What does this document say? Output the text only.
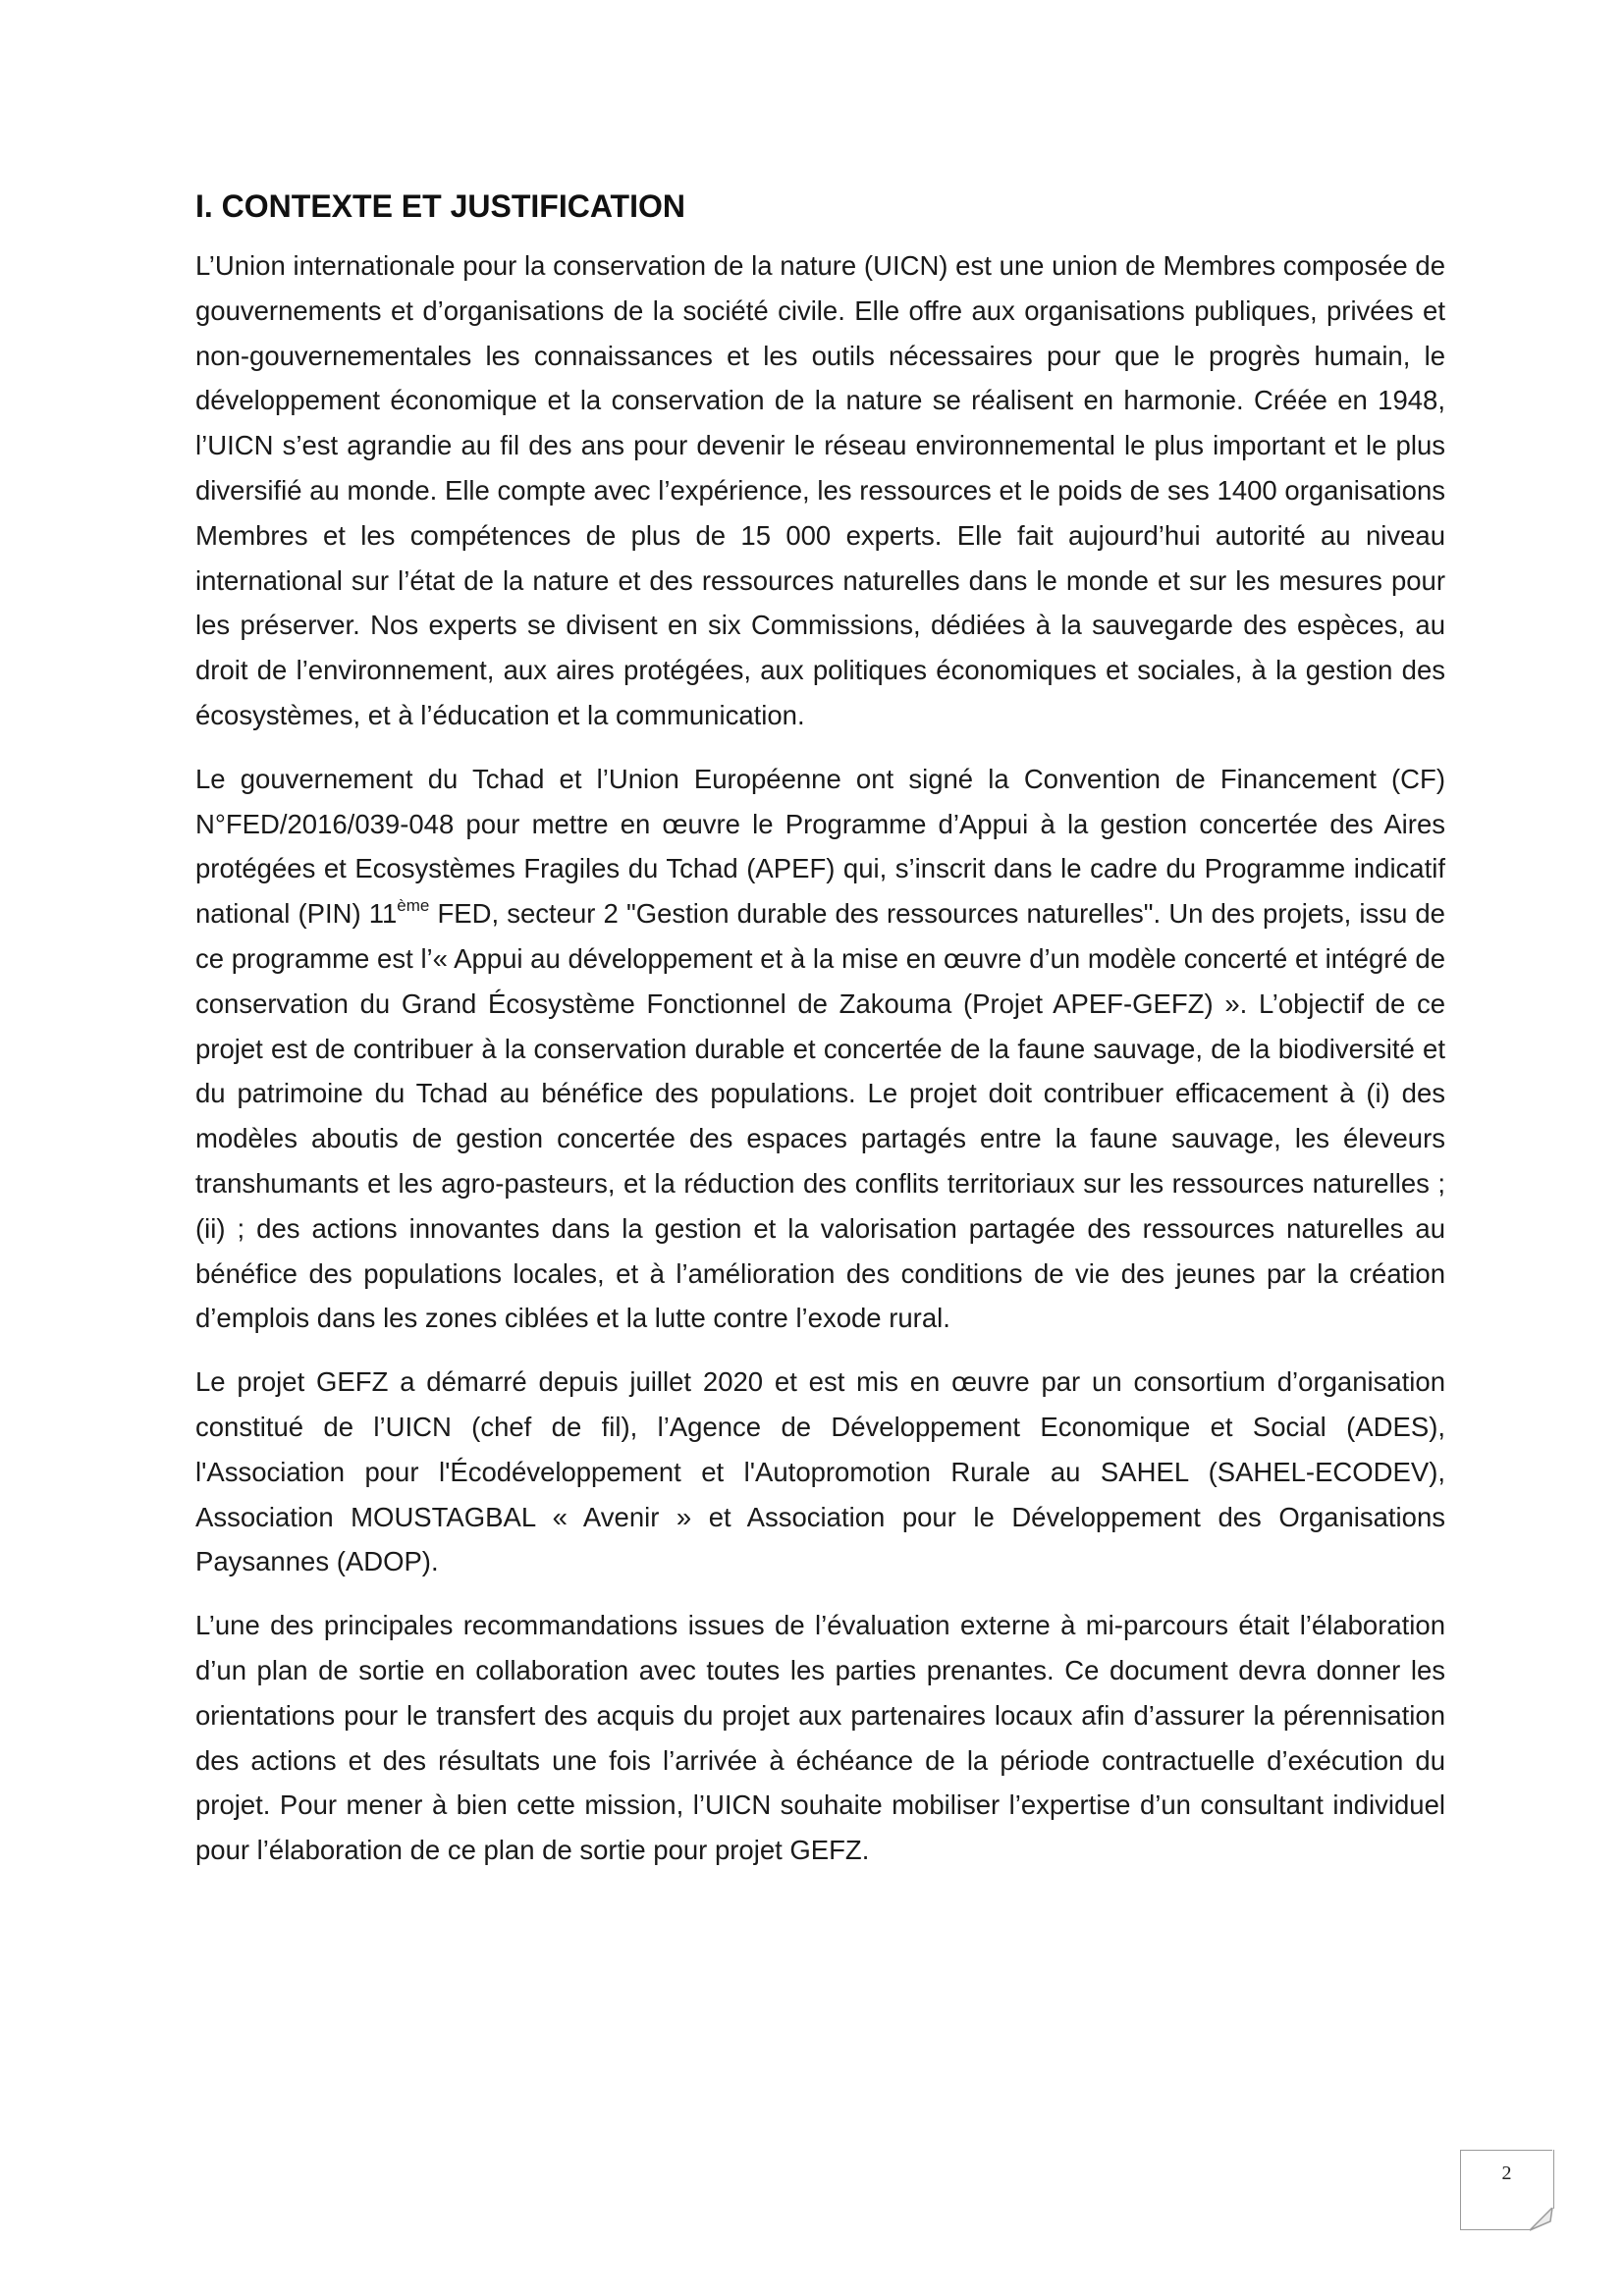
I. CONTEXTE ET JUSTIFICATION

L’Union internationale pour la conservation de la nature (UICN) est une union de Membres composée de gouvernements et d’organisations de la société civile. Elle offre aux organisations publiques, privées et non-gouvernementales les connaissances et les outils nécessaires pour que le progrès humain, le développement économique et la conservation de la nature se réalisent en harmonie. Créée en 1948, l’UICN s’est agrandie au fil des ans pour devenir le réseau environnemental le plus important et le plus diversifié au monde. Elle compte avec l’expérience, les ressources et le poids de ses 1400 organisations Membres et les compétences de plus de 15 000 experts. Elle fait aujourd’hui autorité au niveau international sur l’état de la nature et des ressources naturelles dans le monde et sur les mesures pour les préserver. Nos experts se divisent en six Commissions, dédiées à la sauvegarde des espèces, au droit de l’environnement, aux aires protégées, aux politiques économiques et sociales, à la gestion des écosystèmes, et à l’éducation et la communication.

Le gouvernement du Tchad et l’Union Européenne ont signé la Convention de Financement (CF) N°FED/2016/039-048 pour mettre en œuvre le Programme d’Appui à la gestion concertée des Aires protégées et Ecosystèmes Fragiles du Tchad (APEF) qui, s’inscrit dans le cadre du Programme indicatif national (PIN) 11ème FED, secteur 2 "Gestion durable des ressources naturelles". Un des projets, issu de ce programme est l’« Appui au développement et à la mise en œuvre d’un modèle concerté et intégré de conservation du Grand Écosystème Fonctionnel de Zakouma (Projet APEF-GEFZ) ». L’objectif de ce projet est de contribuer à la conservation durable et concertée de la faune sauvage, de la biodiversité et du patrimoine du Tchad au bénéfice des populations. Le projet doit contribuer efficacement à (i) des modèles aboutis de gestion concertée des espaces partagés entre la faune sauvage, les éleveurs transhumants et les agro-pasteurs, et la réduction des conflits territoriaux sur les ressources naturelles ; (ii) ; des actions innovantes dans la gestion et la valorisation partagée des ressources naturelles au bénéfice des populations locales, et à l’amélioration des conditions de vie des jeunes par la création d’emplois dans les zones ciblées et la lutte contre l’exode rural.

Le projet GEFZ a démarré depuis juillet 2020 et est mis en œuvre par un consortium d’organisation constitué de l’UICN (chef de fil), l’Agence de Développement Economique et Social (ADES), l'Association pour l'Écodéveloppement et l'Autopromotion Rurale au SAHEL (SAHEL-ECODEV), Association MOUSTAGBAL « Avenir » et Association pour le Développement des Organisations Paysannes (ADOP).

L’une des principales recommandations issues de l’évaluation externe à mi-parcours était l’élaboration d’un plan de sortie en collaboration avec toutes les parties prenantes. Ce document devra donner les orientations pour le transfert des acquis du projet aux partenaires locaux afin d’assurer la pérennisation des actions et des résultats une fois l’arrivée à échéance de la période contractuelle d’exécution du projet. Pour mener à bien cette mission, l’UICN souhaite mobiliser l’expertise d’un consultant individuel pour l’élaboration de ce plan de sortie pour projet GEFZ.

2
